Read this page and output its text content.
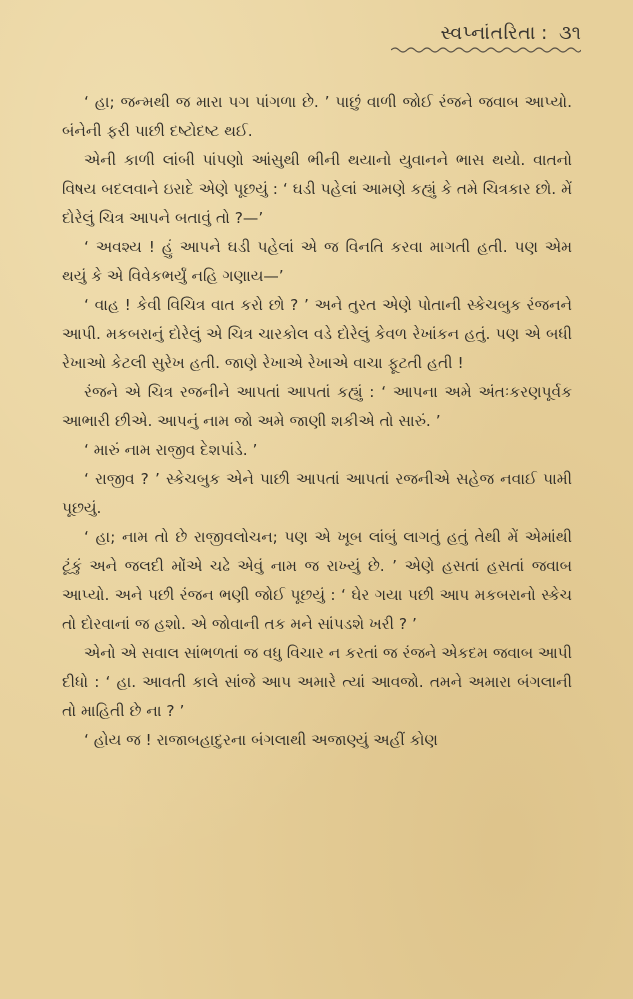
સ્વપ્નાંતરિતા : ૩૧

‘ હા; જન્મથી જ મારા પગ પાંગળા છે. ’ પાછું વાળી જોઈ રંજને જવાબ આપ્યો. બંનેની ફરી પાછી દષ્ટોદષ્ટ થઈ.

એની કાળી લાંબી પાંપણો આંસુથી ભીની થયાનો યુવાનને ભાસ થયો. વાતનો વિષય બદલવાને ઇરાદે એણે પૂછયું : ‘ ઘડી પહેલાં આમણે કહ્યું કે તમે ચિત્રકાર છો. મેં દોરેલું ચિત્ર આપને બતાવું તો ?—’

‘ અવશ્ય ! હું આપને ઘડી પહેલાં એ જ વિનતિ કરવા માગતી હતી. પણ એમ થયું કે એ વિવેકભર્યું નહિ ગણાય—’

‘ વાહ ! કેવી વિચિત્ર વાત કરો છો ? ’ અને તુરત એણે પોતાની સ્કેચબુક રંજનને આપી. મકબરાનું દોરેલું એ ચિત્ર ચારકોલ વડે દોરેલું કેવળ રેખાંકન હતું. પણ એ બધી રેખાઓ કેટલી સુરેખ હતી. જાણે રેખાએ રેખાએ વાચા ફૂટતી હતી !

રંજને એ ચિત્ર રજનીને આપતાં આપતાં કહ્યું : ‘ આપના અમે અંતઃકરણપૂર્વક આભારી છીએ. આપનું નામ જો અમે જાણી શકીએ તો સારું. ’

‘ મારું નામ રાજીવ દેશપાંડે. ’

‘ રાજીવ ? ’ સ્કેચબુક એને પાછી આપતાં આપતાં રજનીએ સહેજ નવાઈ પામી પૂછયું.

‘ હા; નામ તો છે રાજીવલોચન; પણ એ ખૂબ લાંબું લાગતું હતું તેથી મેં એમાંથી ટૂંકું અને જલદી મોંએ ચઢે એવું નામ જ રાખ્યું છે. ’ એણે હસતાં હસતાં જવાબ આપ્યો. અને પછી રંજન ભણી જોઈ પૂછયું : ‘ ઘેર ગયા પછી આપ મકબરાનો સ્કેચ તો દોરવાનાં જ હશો. એ જોવાની તક મને સાંપડશે ખરી ? ’

એનો એ સવાલ સાંભળતાં જ વધુ વિચાર ન કરતાં જ રંજને એકદમ જવાબ આપી દીધો : ‘ હા. આવતી કાલે સાંજે આપ અમારે ત્યાં આવજો. તમને અમારા બંગલાની તો માહિતી છે ના ? ’

‘ હોય જ ! રાજાબહાદુરના બંગલાથી અજાણ્યું અહીં કોણ
